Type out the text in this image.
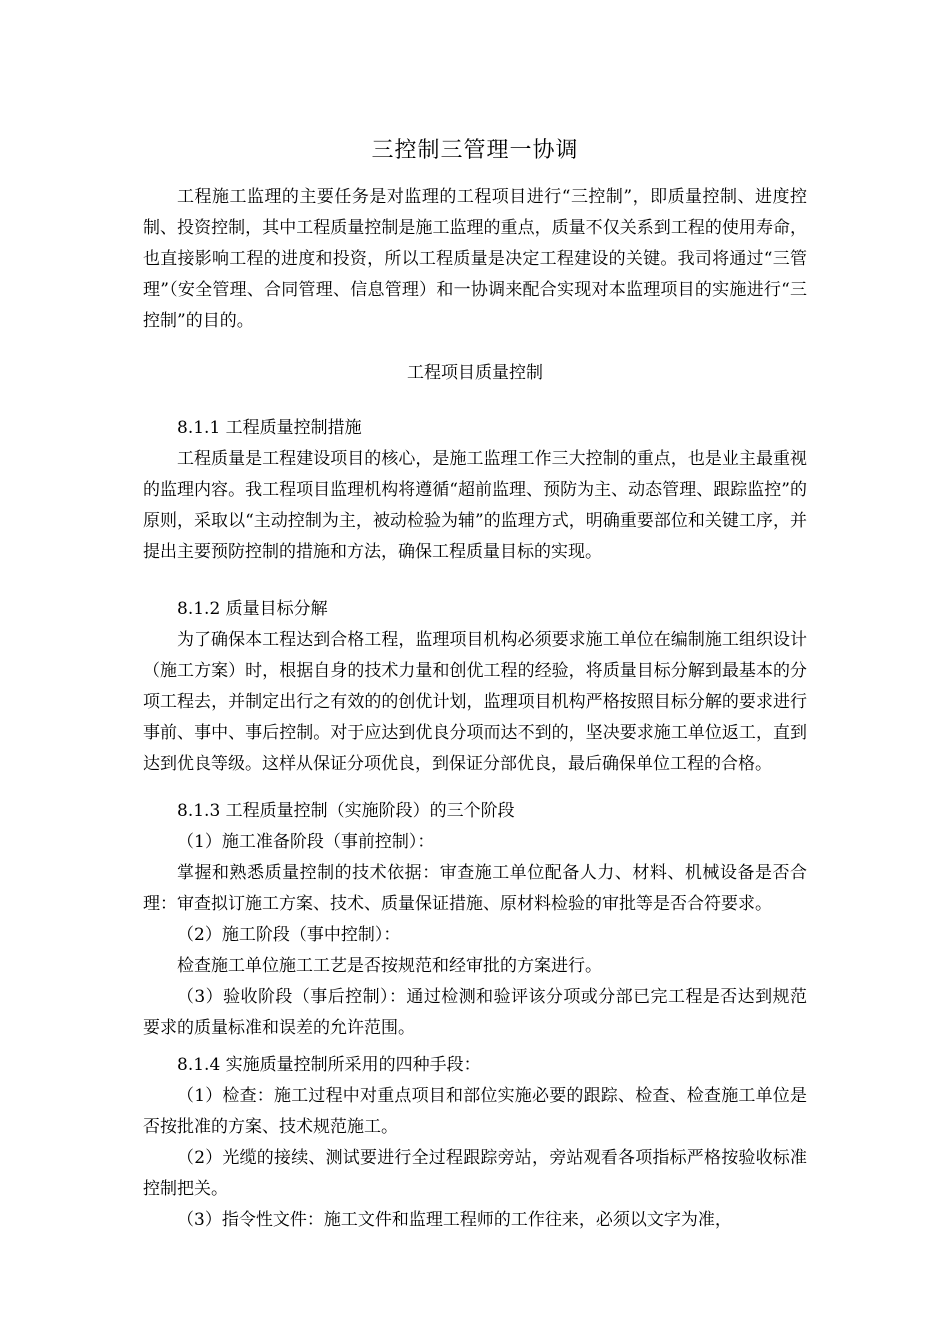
三控制三管理一协调
工程施工监理的主要任务是对监理的工程项目进行“三控制”，即质量控制、进度控制、投资控制，其中工程质量控制是施工监理的重点，质量不仅关系到工程的使用寿命，也直接影响工程的进度和投资，所以工程质量是决定工程建设的关键。我司将通过“三管理”（安全管理、合同管理、信息管理）和一协调来配合实现对本监理项目的实施进行“三控制”的目的。
工程项目质量控制
8.1.1 工程质量控制措施
工程质量是工程建设项目的核心，是施工监理工作三大控制的重点，也是业主最重视的监理内容。我工程项目监理机构将遵循“超前监理、预防为主、动态管理、跟踪监控”的原则，采取以“主动控制为主，被动检验为辅”的监理方式，明确重要部位和关键工序，并提出主要预防控制的措施和方法，确保工程质量目标的实现。
8.1.2 质量目标分解
为了确保本工程达到合格工程，监理项目机构必须要求施工单位在编制施工组织设计（施工方案）时，根据自身的技术力量和创优工程的经验，将质量目标分解到最基本的分项工程去，并制定出行之有效的的创优计划，监理项目机构严格按照目标分解的要求进行事前、事中、事后控制。对于应达到优良分项而达不到的，坚决要求施工单位返工，直到达到优良等级。这样从保证分项优良，到保证分部优良，最后确保单位工程的合格。
8.1.3 工程质量控制（实施阶段）的三个阶段
（1）施工准备阶段（事前控制）：
掌握和熟悉质量控制的技术依据：审查施工单位配备人力、材料、机械设备是否合理：审查拟订施工方案、技术、质量保证措施、原材料检验的审批等是否合符要求。
（2）施工阶段（事中控制）：
检查施工单位施工工艺是否按规范和经审批的方案进行。
（3）验收阶段（事后控制）：通过检测和验评该分项或分部已完工程是否达到规范要求的质量标准和误差的允许范围。
8.1.4 实施质量控制所采用的四种手段：
（1）检查：施工过程中对重点项目和部位实施必要的跟踪、检查、检查施工单位是否按批准的方案、技术规范施工。
（2）光缆的接续、测试要进行全过程跟踪旁站，旁站观看各项指标严格按验收标准控制把关。
（3）指令性文件：施工文件和监理工程师的工作往来，必须以文字为准，
